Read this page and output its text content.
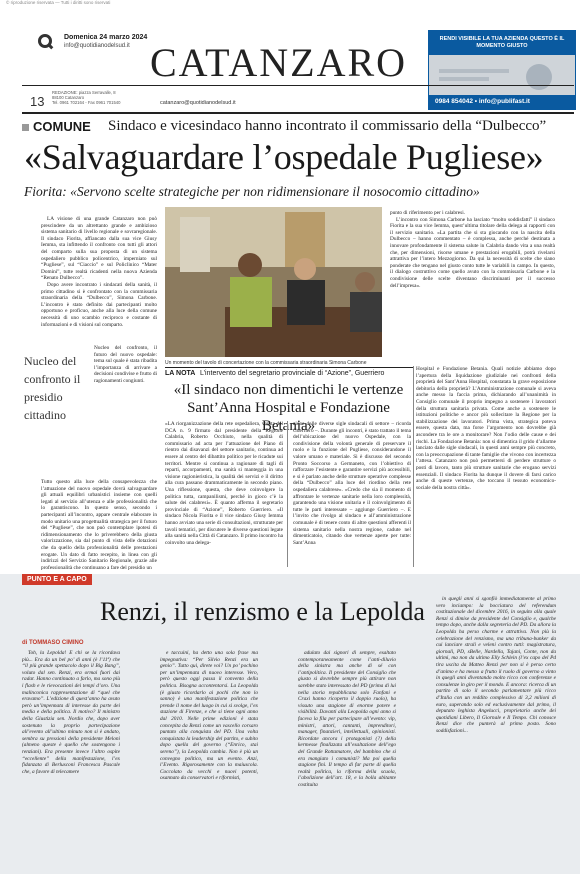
© riproduzione riservata — Tutti i diritti sono riservati
Domenica 24 marzo 2024
info@quotidianodelsud.it CATANZARO
RENDI VISIBILE LA TUA AZIENDA QUESTO È IL MOMENTO GIUSTO
0984 854042 • info@publifast.it
13
REDAZIONE: piazza Serravalle, 8
88100 Catanzaro
Tel. 0961 702164 - Fax 0961 701540	catanzaro@quotidianodelsud.it
COMUNE Sindaco e vicesindaco hanno incontrato il commissario della “Dulbecco”
«Salvaguardare l’ospedale Pugliese»
Fiorita: «Servono scelte strategiche per non ridimensionare il nosocomio cittadino»

LA visione di una grande Catanzaro non può prescindere da un altrettanto grande e ambizioso sistema sanitario di livello regionale e sovraregionale. Il sindaco Fiorita, affiancato dalla sua vice Giusy Iemma, sta infittendo il confronto con tutti gli attori del comparto sulla sua proposta di un sistema ospedaliero pubblico policentrico, imperniato sul “Pugliese”, sul “Ciaccio” e sul Policlinico “Mater Domini”, tutte realtà ricadenti nella nuova Azienda “Renato Dulbecco”.

Dopo avere incontrato i sindacati della sanità, il primo cittadino si è confrontato con la commissaria straordinaria della “Dulbecco”, Simona Carbone. L’incontro è stato definito dai partecipanti molto opportuno e proficuo, anche alla luce della comune necessità di uno scambio reciproco e costante di informazioni e di visioni sul comparto.

Nucleo del confronto il presidio cittadino

Nucleo del confronto, il futuro del nuovo ospedale: tema sul quale è stata ribadita l’importanza di arrivare a decisioni condivise e frutto di ragionamenti congiunti.

Tutto questo alla luce della consapevolezza che l’attuazione del nuovo ospedale dovrà salvaguardare gli attuali equilibri urbanistici insieme con quelli legati al servizio all’utenza e alle professionalità che lo garantiscono. In questo senso, secondo i partecipanti all’incontro, appare centrale elaborare in modo unitario una progettualità strategica per il futuro del “Pugliese”, che non può contemplare ipotesi di ridimensionamento che lo priverebbero della giusta valorizzazione, sia dal punto di vista delle dotazioni che da quello della professionalità delle prestazioni erogate. Un dato di fatto recepito, in linea con gli indirizzi del Servizio Sanitario Regionale, grazie alle professionalità che continuano a fare del presidio un

Un momento del tavolo di concertazione con la commissaria straordinaria Simona Carbone

punto di riferimento per i calabresi.

L’incontro con Simona Carbone ha lasciato “molto soddisfatti” il sindaco Fiorita e la sua vice Iemma, quest’ultima titolare della delega ai rapporti con il servizio sanitario. «La partita che si sta giocando con la nascita della Dulbecco – hanno commentato – è complessa, anche perché destinata a innovare profondamente il sistema salute in Calabria dando vita a una realtà che, per dimensioni, risorse umane e prestazioni erogabili, potrà rivelarsi attrattiva per l’intero Mezzogiorno. Da qui la necessità di scelte che siano ponderate che tengano nel giusto conto tutte le variabili in campo. In questo, il dialogo costruttivo come quello avuto con la commissaria Carbone e la condivisione delle scelte diventano discriminanti per il successo dell’impresa».

LA NOTA L’intervento del segretario provinciale di “Azione”, Guerriero
«Il sindaco non dimentichi le vertenze Sant’Anna Hospital e Fondazione Betania»

«LA riorganizzazione della rete ospedaliera, varata dal DCA n. 9 firmato dal presidente della Regione Calabria, Roberto Occhiuto, nella qualità di commissario ad acta per l’attuazione del Piano di rientro dai disavanzi del settore sanitario, continua ad essere al centro del dibattito politico per le ricadute sui territori. Mentre si continua a ragionare di tagli di reparti, accorpamenti, ma sanità si manteggia in una visione ragionieristica, la qualità dei servizi e il diritto alla cura passano drammaticamente in secondo piano. Una riflessione, questa, che deve coinvolgere la politica tutta, campanilismi, perché in gioco c’è la salute dei calabresi». È quanto afferma il segretario provinciale di “Azione”, Roberto Guerriero. «Il sindaco Nicola Fiorita e il vice sindaco Giusy Iemma hanno avviato una serie di consultazioni, strutturate per tavoli tematici, per discutere le diverse questioni legate alla sanità nella Città di Catanzaro. Il primo incontro ha coinvolto una delega-

zione delle diverse sigle sindacali di settore – ricorda Guerriero –. Durante gli incontri, è stato trattato il tema dell’ubicazione del nuovo Ospedale, con la condivisione della volontà generale di preservare il ruolo e la funzione del Pugliese, considerandone il valore umano e materiale. Si è discusso del secondo Pronto Soccorso a Germaneto, con l’obiettivo di rafforzare l’esistente e garantire servizi più accessibili, e si è parlato anche delle strutture operative complesse della “Dulbecco” alla luce del riordino della rete ospedaliera calabrese». «Credo che sia il momento di affrontare le vertenze sanitarie nella loro complessità, garantendo una visione unitaria e il coinvolgimento di tutte le parti interessate – aggiunge Guerriero –. E l’invito che rivolgo al sindaco e all’amministrazione comunale è di tenere conto di altre questioni afferenti il sistema sanitario nella nostra regione, cadute nel dimenticatoio, citando due vertenze aperte per tutte: Sant’Anna

Hospital e Fondazione Betania. Quali notizie abbiamo dopo l’apertura della liquidazione giudiziale nei confronti della proprietà del Sant’Anna Hospital, constatata la grave esposizione debitoria della proprietà? L’Amministrazione comunale si aveva anche messo la faccia prima, dichiarando all’unanimità in Consiglio comunale il proprio impegno a sostenere i lavoratori della struttura sanitaria privata. Come anche a sostenere le istituzioni politiche e ancor più sollecitare la Regione per la stabilizzazione dei lavoratori. Prima vista, strategica poteva essere, questa data, ma forse l’argomento non dovrebbe già ascondere tra le ore a monitorare? Non l’odio delle cause e dei rischi. La Fondazione Betania: non si dimentica il grido d’allarme lanciato dalle sigle sindacali, in questi anni sempre più concreto, con la preoccupazione di tante famiglie che vivono con incertezza l’attesa. Catanzaro non può permettersi di perdere strutture o posti di lavoro, tanto più strutture sanitarie che erogano servizi essenziali. Il sindaco Fiorita ha dunque il dovere di farsi carico anche di queste vertenze, che toccano il tessuto economico-sociale della nostra città».

PUNTO E A CAPO
Renzi, il renzismo e la Lepolda
di TOMMASO CIMINO

Toh, la Lepolda! E chi se la ricordava più... Era da un bel po’ di anni (è l’11ª) che “il più grande spettacolo dopo il Big Bang”, voluto dal sen. Renzi, era ormai fuori dai radar. Hanno continuato a farlo, ma sono più i flash e le rievocazioni dei tempi d’oro. Una malinconica rappresentazione di “quel che eravamo”. L’edizione di quest’anno ha avuto però un’impennata di interesse da parte dei media e della politica. Il motivo? Il ministro della Giustizia sen. Nordio che, dopo aver sostenuto la proprio partecipazione all’evento all’ultimo minuto non si è andato, sembra su pressioni della presidente Meloni (almeno queste è quello che sostengono i renziani). Era presente invece l’altro ospite “eccellente” della manifestazione, l’ex fidanzata di Berlusconi Francesca Pascale che, a favore di telecamere

e taccuini, ha detto una sola frase ma impegnativa: “Per Silvio Renzi era un genio”. Tutto qui, direte voi? Un po’ pochino per un’impennata di nuovo interesse. Vero, però questo oggi passa il convento della politica. Bisogna accontentarsi. La Leopolda (è giusto ricordarlo ai pochi che non lo sanno) è una manifestazione politica che prende il nome del luogo in cui si svolge, l’ex stazione di Firenze, e che si tiene ogni anno dal 2010. Nelle prime edizioni è stata concepita da Renzi come un vascello corsaro puntato alla conquista del PD. Una volta conquistata la leadership del partito, e subito dopo quella del governo (“Enrico, stai sereno”), la Leopolda cambia. Non è più un convegno politico, ma un evento. Anzi, l’Evento. Rigorosamente con la maiuscola. Coccolato da vecchi e nuovi potenti, osannato da conservatori e riformisti,

adulato dai signori di sempre, esaltato contemporaneamente come l’anti-diluvio della sinistra ma anche di sé con l’antipolitica. Il presidente del Consiglio che giusto si dovrebbe sempre più attirare non sarebbe stato interessato del PD (prima di lui nella storia repubblicana solo Fanfani e Craxi hanno ricoperto il doppio ruolo), ha vissuto una stagione di enorme potere e visibilità. Davanti alla Leopolda ogni anno si faceva la fila per partecipare all’evento: vip, ministri, attori, cantanti, imprenditori, manager, finanzieri, intellettuali, opinionisti. Ricordate ancora i protagonisti (?) della kermesse finalizzata all’esaltazione dell’ego del Grande Rottamatore, del bambino che si era mangiato i comunisti? Ma poi quella stagione finì. Il tempo di far parte di quella realtà politica, la riforma della scuola, l’abolizione dell’art. 18, e la bolla abitante costituita

in quegli anni si sgonfiò immediatamente al primo vero inciampo: la bocciatura del referendum costituzionale del dicembre 2016, in seguito alla quale Renzi si dimise da presidente del Consiglio e, qualche tempo dopo, anche dalla segreteria del PD. Da allora la Leopolda ha perso charme e attrattiva. Non più la celebrazione del renzismo, ma una tribuna-bunker da cui lanciare strali e veleni contro tutti: magistratura, giornali, PD, sBelle, Nardella, Tajani, Conte, non da ultimi, ma non da ultimo Elly Schlein (l’ex capo del Pd tira uscita da Matteo Renzi per non si è perso certo d’animo e ha messo a frutto il ruolo di governo a vinto in quegli anni diventando molto ricco con conferenze e consulenze in giro per il mondo. E ancora: ricerca di un partito di solo il secondo parlamentare più ricco d’Italia con un reddito complessivo di 3,2 milioni di euro, superando solo ed esclusivamente dal primo, il deputato leghista Angelucci, proprietario anche dei quotidiani Libero, Il Giornale e Il Tempo. Chi conosce Renzi dice che punterà al primo posto. Sono soddisfazioni...
